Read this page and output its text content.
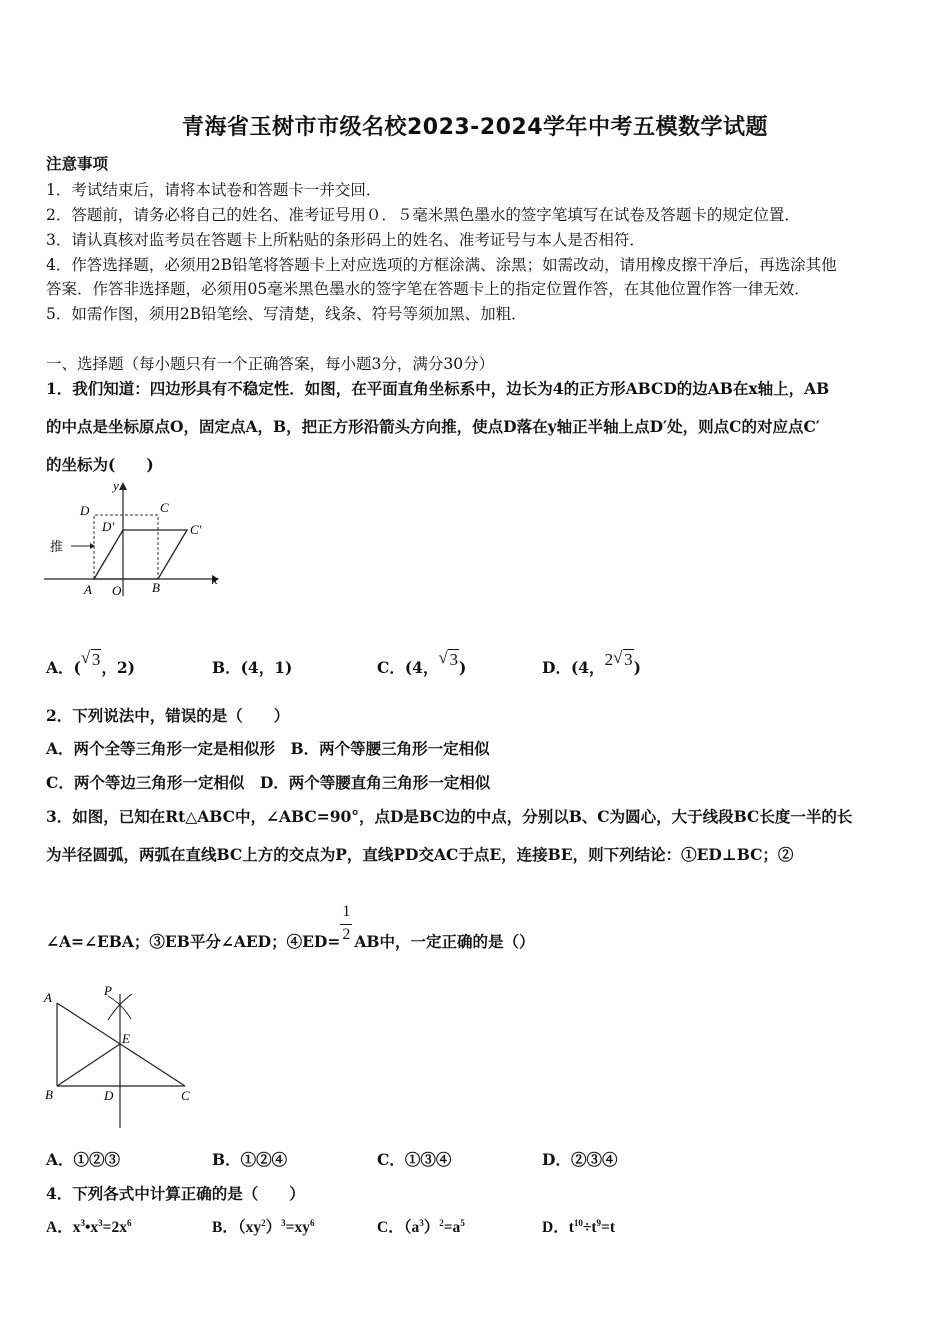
青海省玉树市市级名校2023-2024学年中考五模数学试题
注意事项
1．考试结束后，请将本试卷和答题卡一并交回．
2．答题前，请务必将自己的姓名、准考证号用０．５毫米黑色墨水的签字笔填写在试卷及答题卡的规定位置．
3．请认真核对监考员在答题卡上所粘贴的条形码上的姓名、准考证号与本人是否相符．
4．作答选择题，必须用2B铅笔将答题卡上对应选项的方框涂满、涂黑；如需改动，请用橡皮擦干净后，再选涂其他
答案．作答非选择题，必须用05毫米黑色墨水的签字笔在答题卡上的指定位置作答，在其他位置作答一律无效．
5．如需作图，须用2B铅笔绘、写清楚，线条、符号等须加黑、加粗．
一、选择题（每小题只有一个正确答案，每小题3分，满分30分）
1．我们知道：四边形具有不稳定性．如图，在平面直角坐标系中，边长为4的正方形ABCD的边AB在x轴上，AB
的中点是坐标原点O，固定点A，B，把正方形沿箭头方向推，使点D落在y轴正半轴上点D′处，则点C的对应点C′
的坐标为(　　)
推
y
x
D	C
D′	C′
A O B
A．( √ 3，2)	B．(4，1)	C．(4， √ 3)	D．(4，2 √ 3)
2．下列说法中，错误的是（　　）
A．两个全等三角形一定是相似形　B．两个等腰三角形一定相似
C．两个等边三角形一定相似　D．两个等腰直角三角形一定相似
3．如图，已知在Rt△ABC中，∠ABC=90°，点D是BC边的中点，分别以B、C为圆心，大于线段BC长度一半的长
为半径圆弧，两弧在直线BC上方的交点为P，直线PD交AC于点E，连接BE，则下列结论：①ED⊥BC；②
∠A=∠EBA；③EB平分∠AED；④ED= $\frac{1}{2}$ AB中，一定正确的是（）
A	P
E
B	D	C
A．①②③	B．①②④	C．①③④	D．②③④
4．下列各式中计算正确的是（　　）
A．$x^3•x^3=2x^6$	B．$(xy^2)^3=xy^6$	C．$(a^3)^2=a^5$	D．$t^{10}\div t^9=t$
